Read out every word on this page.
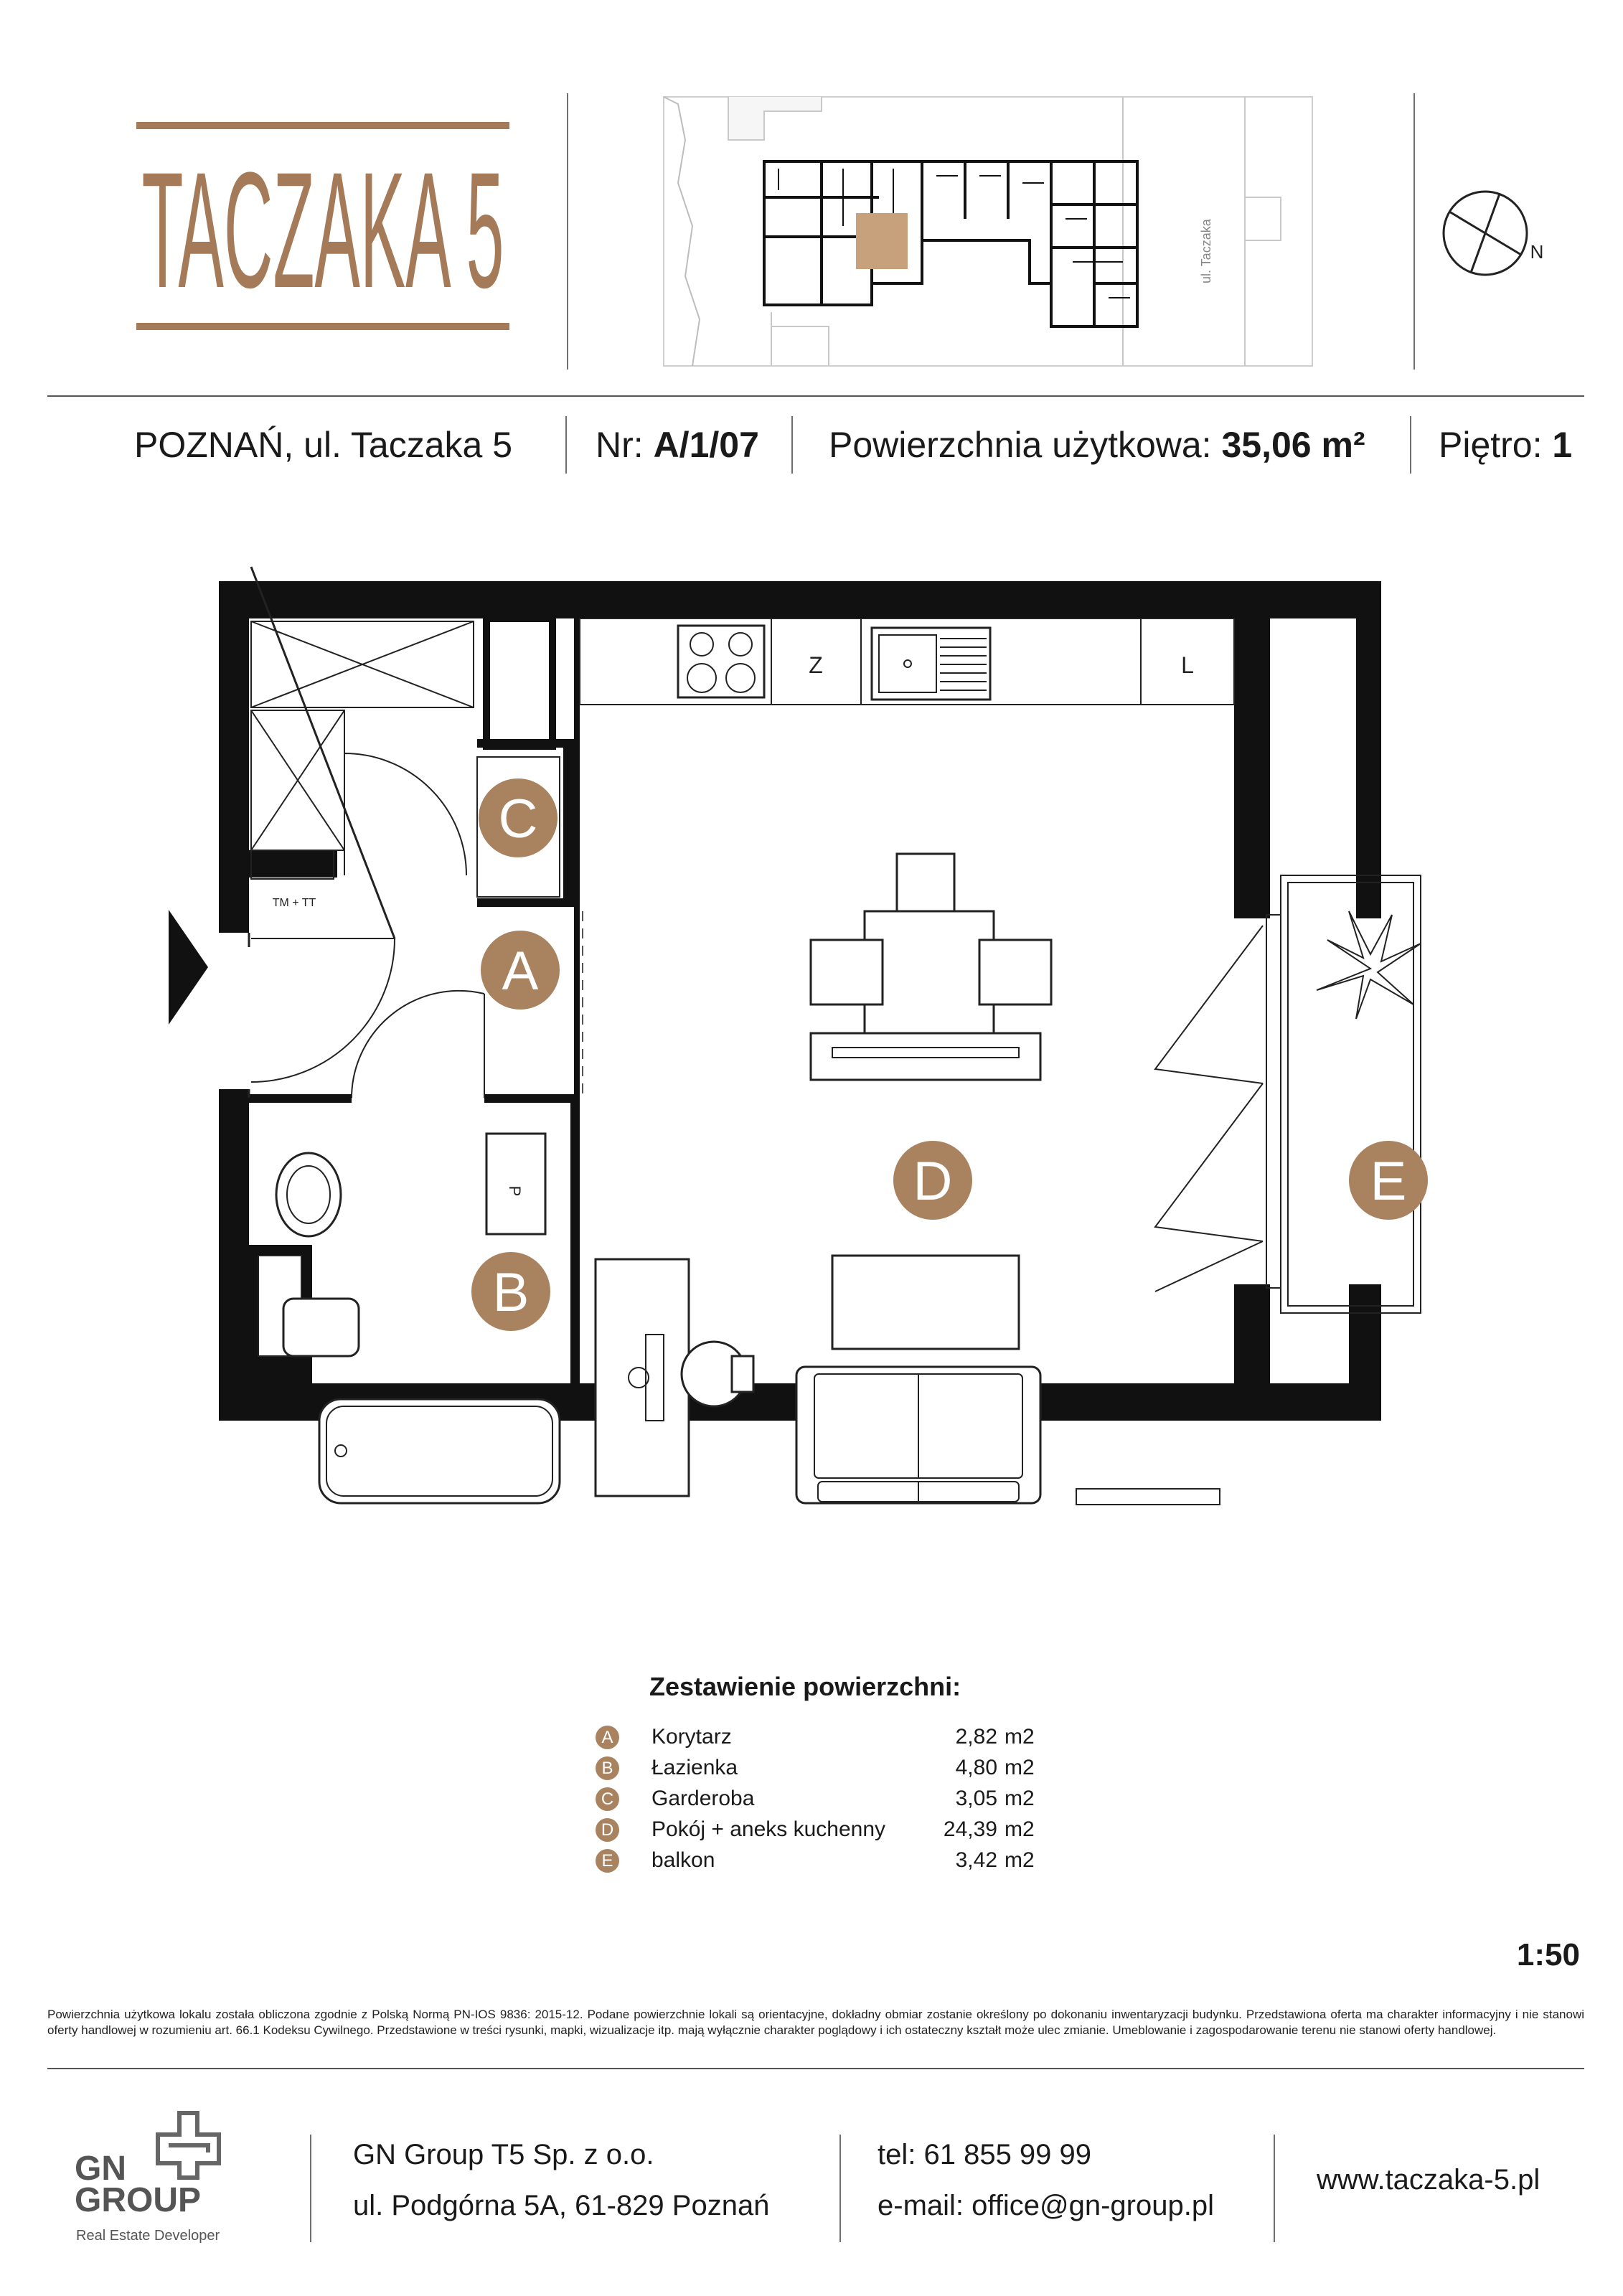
TACZAKA 5	ul. Taczaka	N
POZNAŃ, ul. Taczaka 5 Nr: A/1/07 Powierzchnia użytkowa: 35,06 m² Piętro: 1
TM + TT
Z	L
P
C
A
B
D	E
Zestawienie powierzchni:
A Korytarz	2,82 m2
B Łazienka	4,80 m2
C Garderoba	3,05 m2
D Pokój + aneks kuchenny	24,39 m2
E balkon	3,42 m2
1:50
Powierzchnia użytkowa lokalu została obliczona zgodnie z Polską Normą PN-IOS 9836: 2015-12. Podane powierzchnie lokali są orientacyjne, dokładny obmiar zostanie określony po dokonaniu inwentaryzacji budynku. Przedstawiona oferta ma charakter informacyjny i nie stanowi oferty handlowej w rozumieniu art. 66.1 Kodeksu Cywilnego. Przedstawione w treści rysunki, mapki, wizualizacje itp. mają wyłącznie charakter poglądowy i ich ostateczny kształt może ulec zmianie. Umeblowanie i zagospodarowanie terenu nie stanowi oferty handlowej.
GN
GROUP
Real Estate Developer
GN Group T5 Sp. z o.o.
ul. Podgórna 5A, 61-829 Poznań
tel: 61 855 99 99
e-mail: office@gn-group.pl
www.taczaka-5.pl
